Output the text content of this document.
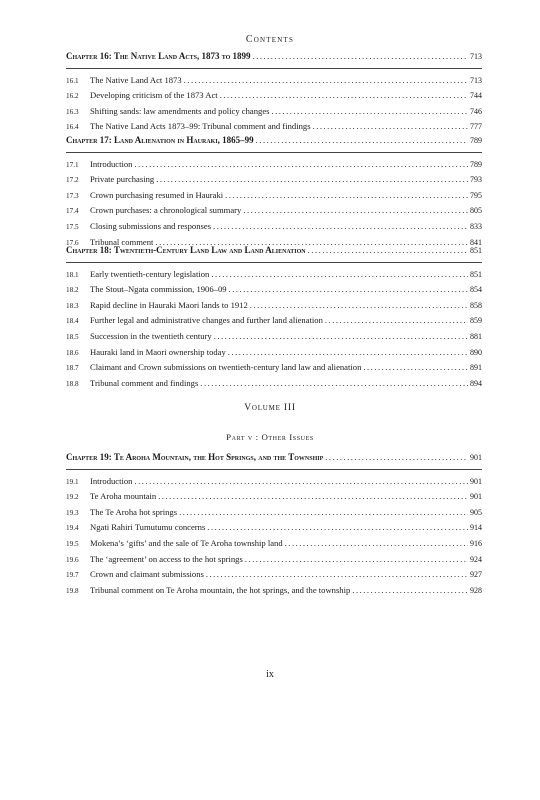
Contents
Chapter 16: The Native Land Acts, 1873 to 1899 .....	713
16.1	The Native Land Act 1873 .....	713
16.2	Developing criticism of the 1873 Act .....	744
16.3	Shifting sands: law amendments and policy changes .....	746
16.4	The Native Land Acts 1873–99: Tribunal comment and findings .....	777
Chapter 17: Land Alienation in Hauraki, 1865–99 .....	789
17.1	Introduction .....	789
17.2	Private purchasing .....	793
17.3	Crown purchasing resumed in Hauraki .....	795
17.4	Crown purchases: a chronological summary .....	805
17.5	Closing submissions and responses .....	833
17.6	Tribunal comment .....	841
Chapter 18: Twentieth-Century Land Law and Land Alienation .....	851
18.1	Early twentieth-century legislation .....	851
18.2	The Stout–Ngata commission, 1906–09 .....	854
18.3	Rapid decline in Hauraki Maori lands to 1912 .....	858
18.4	Further legal and administrative changes and further land alienation .....	859
18.5	Succession in the twentieth century .....	881
18.6	Hauraki land in Maori ownership today .....	890
18.7	Claimant and Crown submissions on twentieth-century land law and alienation .....	891
18.8	Tribunal comment and findings .....	894
Volume III
Part v : Other Issues
Chapter 19: Te Aroha Mountain, the Hot Springs, and the Township .....	901
19.1	Introduction .....	901
19.2	Te Aroha mountain .....	901
19.3	The Te Aroha hot springs .....	905
19.4	Ngati Rahiri Tumutumu concerns .....	914
19.5	Mokena’s ‘gifts’ and the sale of Te Aroha township land .....	916
19.6	The ‘agreement’ on access to the hot springs .....	924
19.7	Crown and claimant submissions .....	927
19.8	Tribunal comment on Te Aroha mountain, the hot springs, and the township .....	928
ix
